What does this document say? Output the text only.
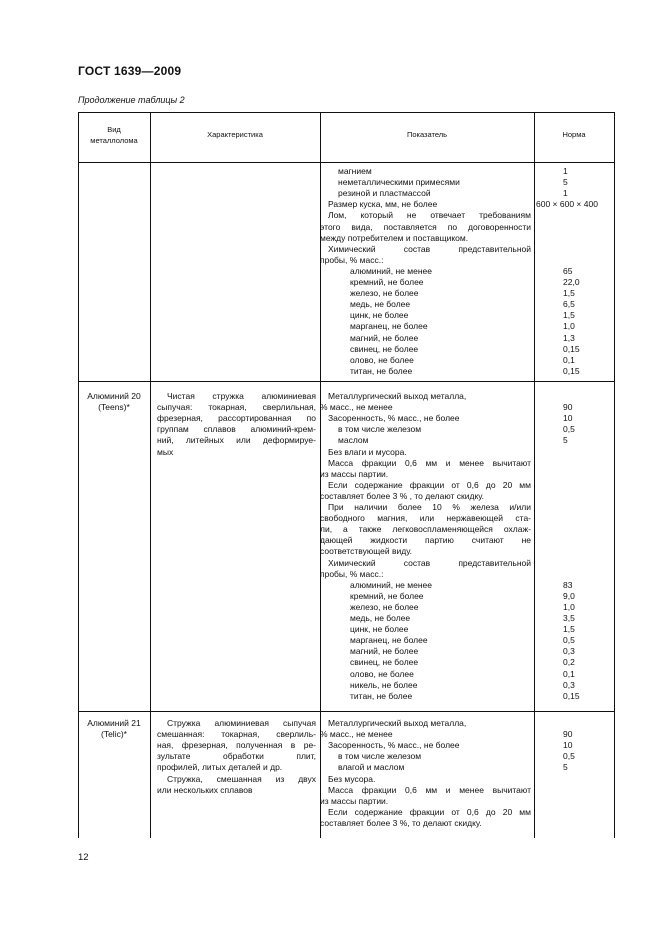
ГОСТ 1639—2009
Продолжение таблицы 2
Вид
металлолома
Характеристика	Показатель	Норма
магнием
неметаллическими примесями
резиной и пластмассой
Размер куска, мм, не более
Лом, который не отвечает требованиям
этого вида, поставляется по договоренности
между потребителем и поставщиком.
Химический состав представительной
пробы, % масс.:
алюминий, не менее
кремний, не более
железо, не более
медь, не более
цинк, не более
марганец, не более
магний, не более
свинец, не более
олово, не более
титан, не более
1
5
1
600 × 600 × 400
65
22,0
1,5
6,5
1,5
1,0
1,3
0,15
0,1
0,15
Алюминий 20
(Teens)*
Чистая стружка алюминиевая
сыпучая: токарная, сверлильная,
фрезерная, рассортированная по
группам сплавов алюминий-крем-
ний, литейных или деформируе-
мых
Металлургический выход металла,
% масс., не менее
Засоренность, % масс., не более
в том числе железом
маслом
Без влаги и мусора.
Масса фракции 0,6 мм и менее вычитают
из массы партии.
Если содержание фракции от 0,6 до 20 мм
составляет более 3 % , то делают скидку.
При наличии более 10 % железа и/или
свободного магния, или нержавеющей ста-
ли, а также легковоспламеняющейся охлаж-
дающей жидкости партию считают не
соответствующей виду.
Химический состав представительной
пробы, % масс.:
алюминий, не менее
кремний, не более
железо, не более
медь, не более
цинк, не более
марганец, не более
магний, не более
свинец, не более
олово, не более
никель, не более
титан, не более
90
10
0,5
5
83
9,0
1,0
3,5
1,5
0,5
0,3
0,2
0,1
0,3
0,15
Алюминий 21
(Telic)*
Стружка алюминиевая сыпучая
смешанная: токарная, сверлиль-
ная, фрезерная, полученная в ре-
зультате обработки плит,
профилей, литых деталей и др.
Стружка, смешанная из двух
или нескольких сплавов
Металлургический выход металла,
% масс., не менее
Засоренность, % масс., не более
в том числе железом
влагой и маслом
Без мусора.
Масса фракции 0,6 мм и менее вычитают
из массы партии.
Если содержание фракции от 0,6 до 20 мм
составляет более 3 %, то делают скидку.
90
10
0,5
5
12
